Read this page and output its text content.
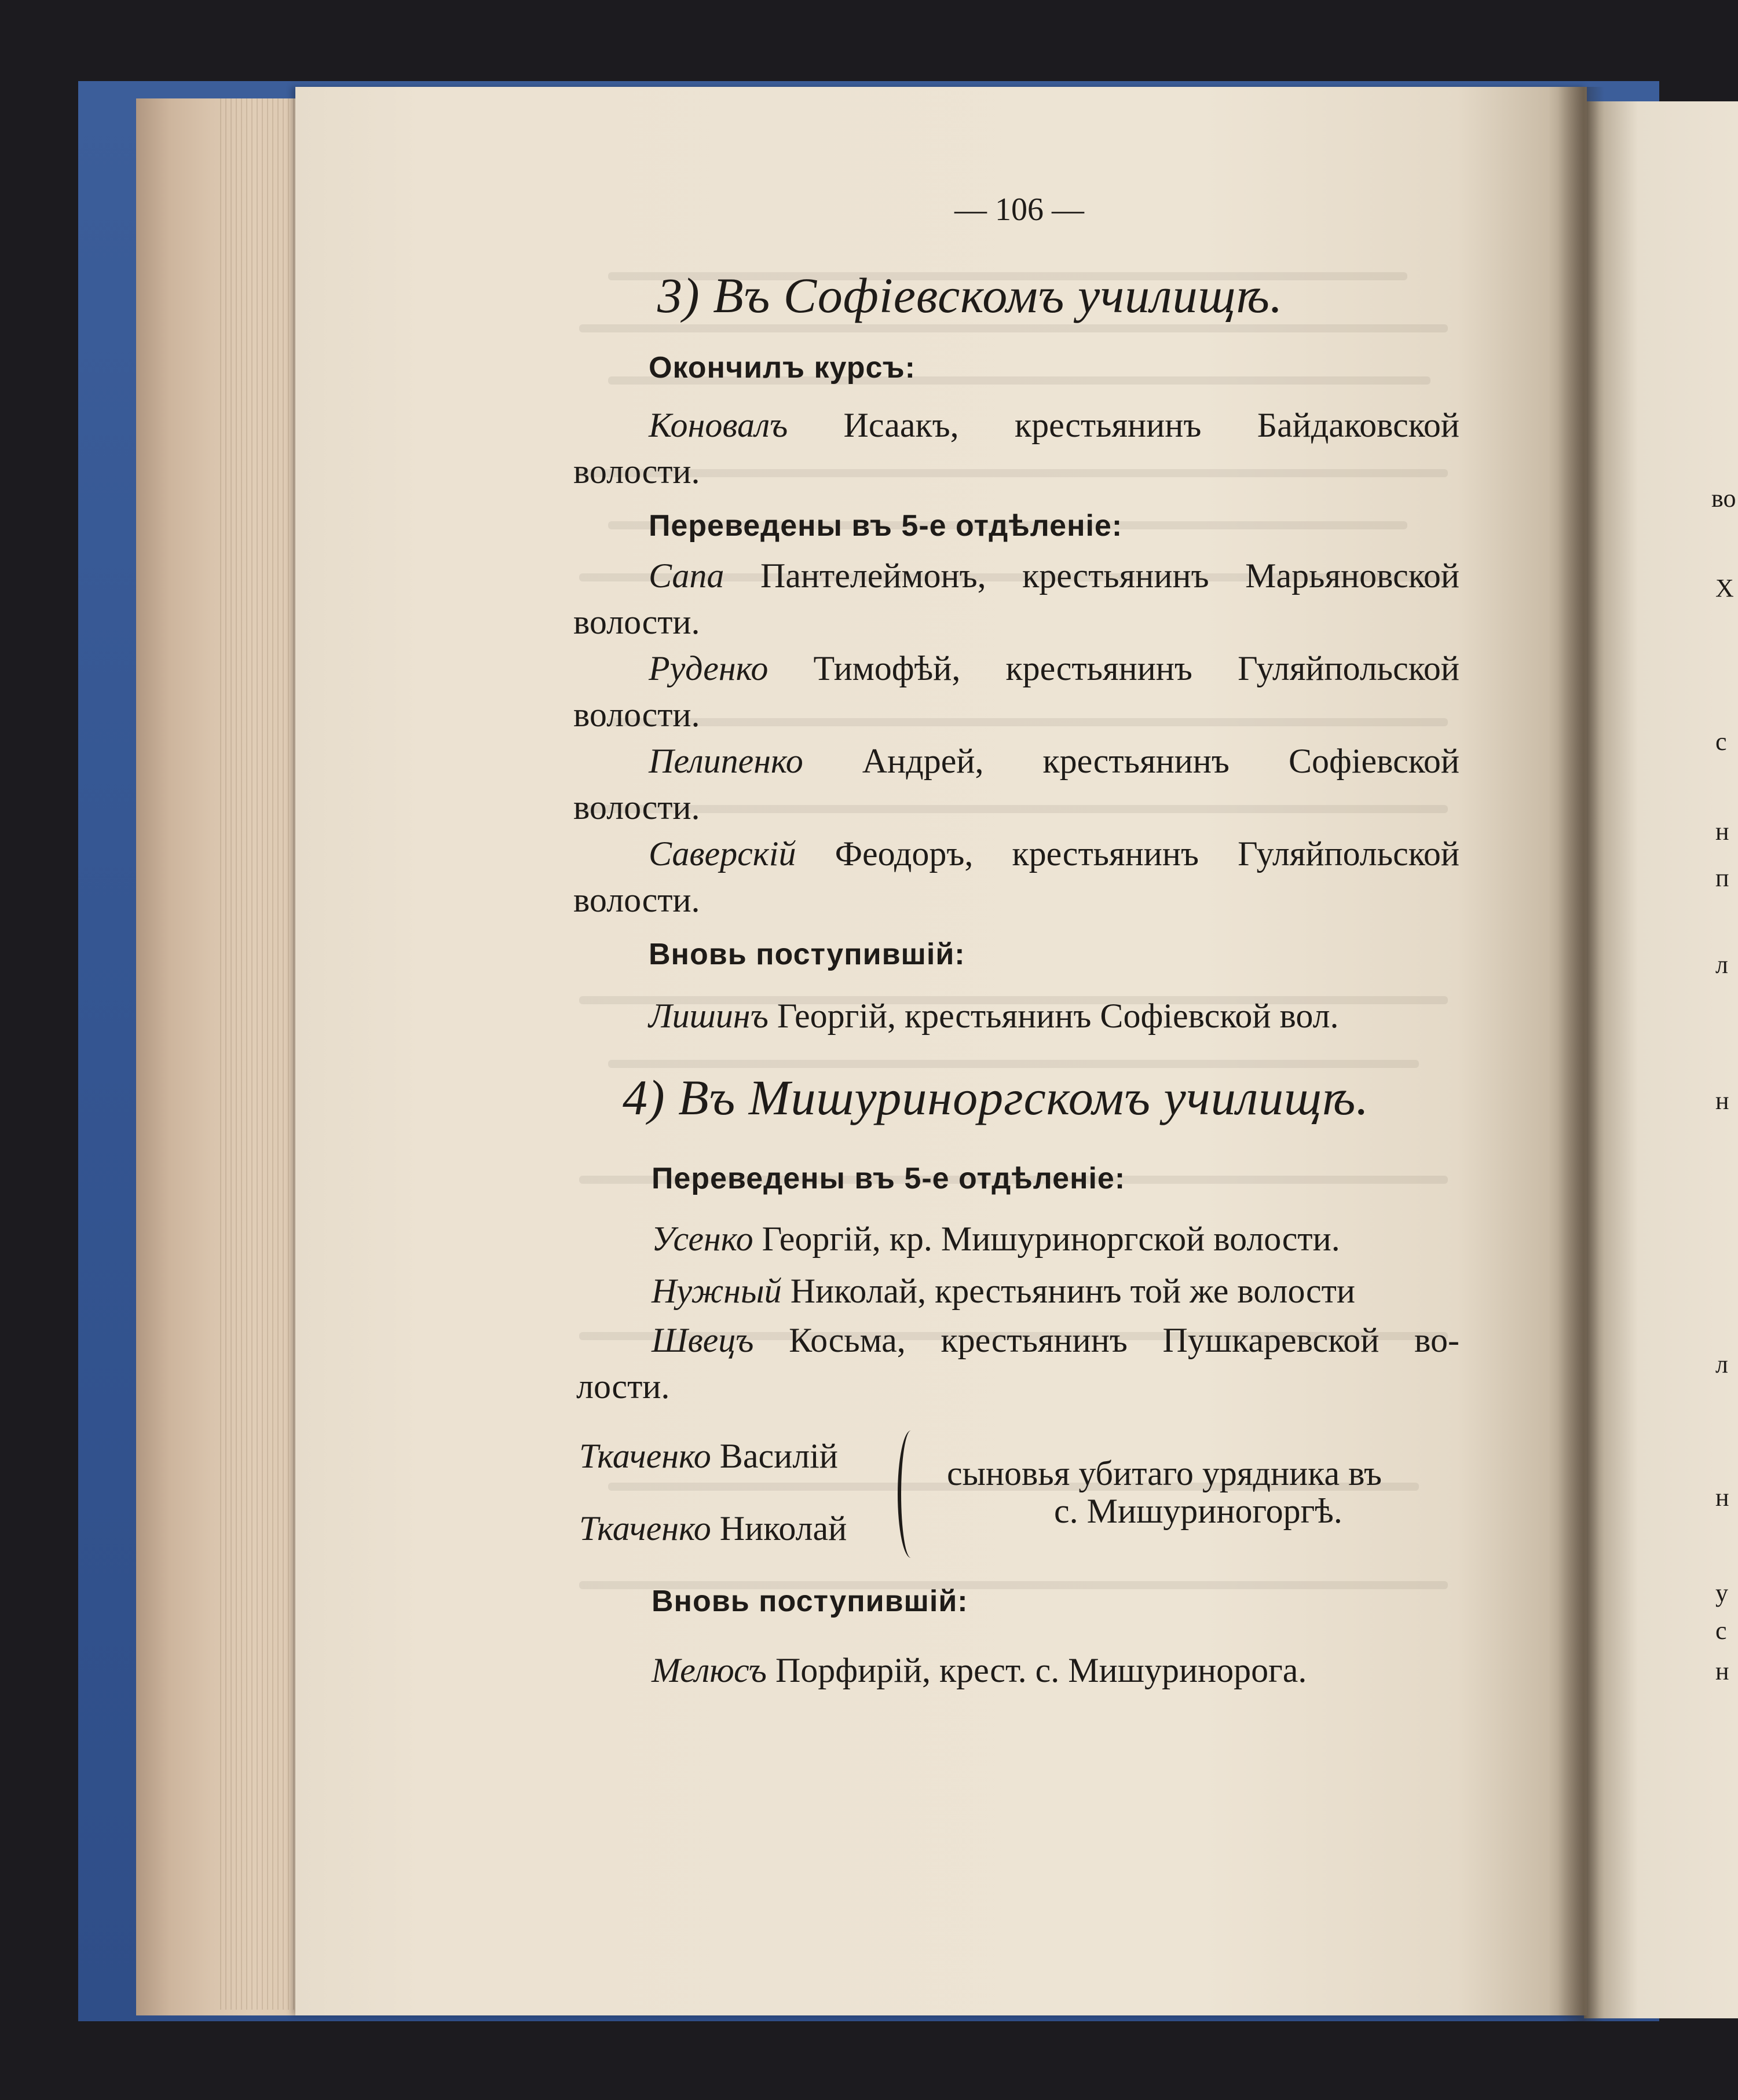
— 106 —
3) Въ Софіевскомъ училищѣ.
Окончилъ курсъ:
Коновалъ Исаакъ, крестьянинъ Байдаковской
волости.
Переведены въ 5-е отдѣленіе:
Сапа Пантелеймонъ, крестьянинъ Марьяновской
волости.
Руденко Тимофѣй, крестьянинъ Гуляйпольской
волости.
Пелипенко Андрей, крестьянинъ Софіевской
волости.
Саверскій Феодоръ, крестьянинъ Гуляйпольской
волости.
Вновь поступившій:
Лишинъ Георгій, крестьянинъ Софіевской вол.
4) Въ Мишуриноргскомъ училищѣ.
Переведены въ 5-е отдѣленіе:
Усенко Георгій, кр. Мишуриноргской волости.
Нужный Николай, крестьянинъ той же волости
Швецъ Косьма, крестьянинъ Пушкаревской во-
лости.
Ткаченко Василій
Ткаченко Николай
сыновья убитаго урядника въ
с. Мишуриногоргѣ.
Вновь поступившій:
Мелюсъ Порфирій, крест. с. Мишуринорога.
во
Х
с
н
п
л
н
л
н
у
с
н
